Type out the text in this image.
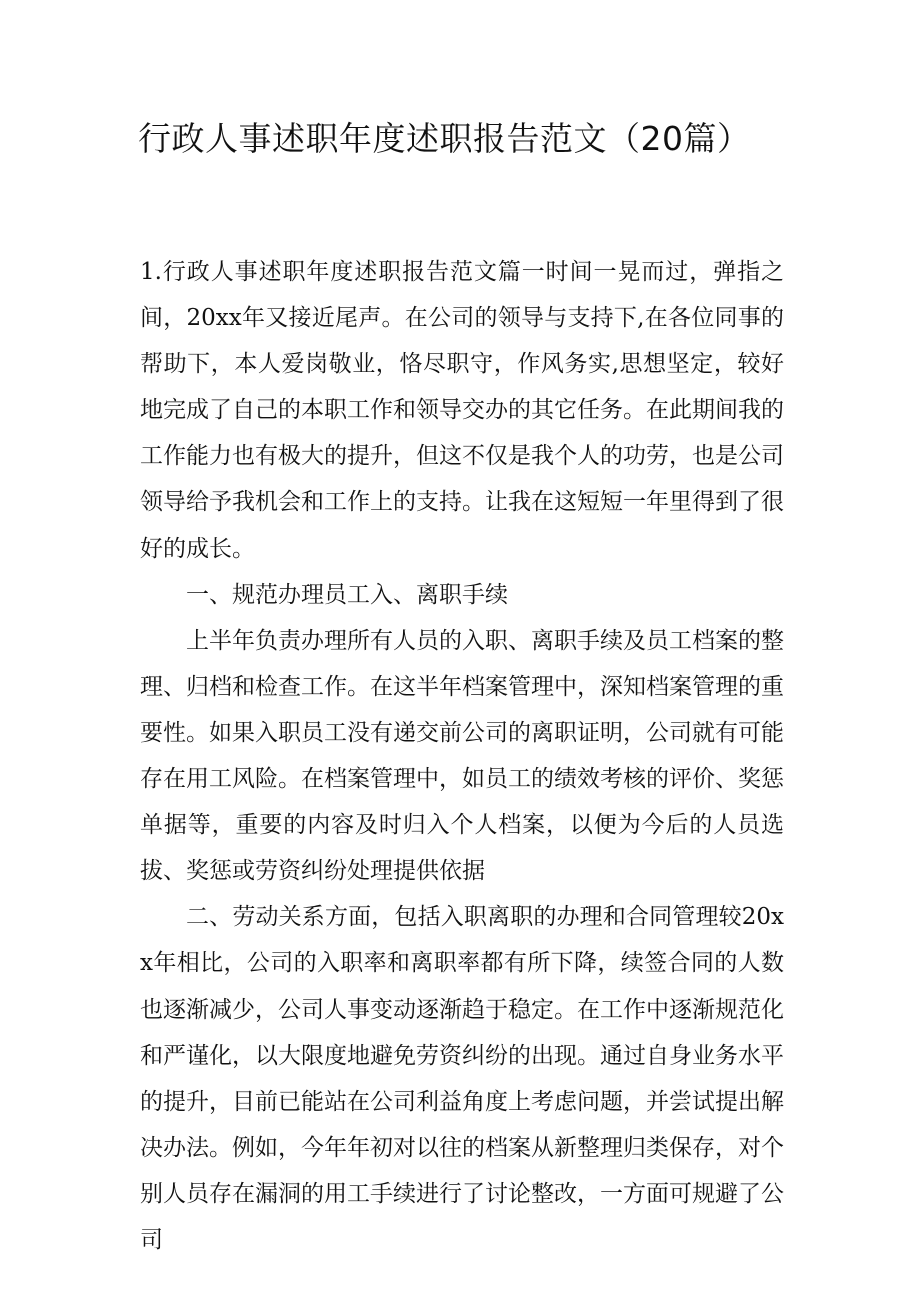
行政人事述职年度述职报告范文（20篇）

1.行政人事述职年度述职报告范文篇一时间一晃而过，弹指之间，20xx年又接近尾声。在公司的领导与支持下,在各位同事的帮助下，本人爱岗敬业，恪尽职守，作风务实,思想坚定，较好地完成了自己的本职工作和领导交办的其它任务。在此期间我的工作能力也有极大的提升，但这不仅是我个人的功劳，也是公司领导给予我机会和工作上的支持。让我在这短短一年里得到了很好的成长。

一、规范办理员工入、离职手续

上半年负责办理所有人员的入职、离职手续及员工档案的整理、归档和检查工作。在这半年档案管理中，深知档案管理的重要性。如果入职员工没有递交前公司的离职证明，公司就有可能存在用工风险。在档案管理中，如员工的绩效考核的评价、奖惩单据等，重要的内容及时归入个人档案，以便为今后的人员选拔、奖惩或劳资纠纷处理提供依据

二、劳动关系方面，包括入职离职的办理和合同管理较20xx年相比，公司的入职率和离职率都有所下降，续签合同的人数也逐渐减少，公司人事变动逐渐趋于稳定。在工作中逐渐规范化和严谨化，以大限度地避免劳资纠纷的出现。通过自身业务水平的提升，目前已能站在公司利益角度上考虑问题，并尝试提出解决办法。例如，今年年初对以往的档案从新整理归类保存，对个别人员存在漏洞的用工手续进行了讨论整改，一方面可规避了公司
